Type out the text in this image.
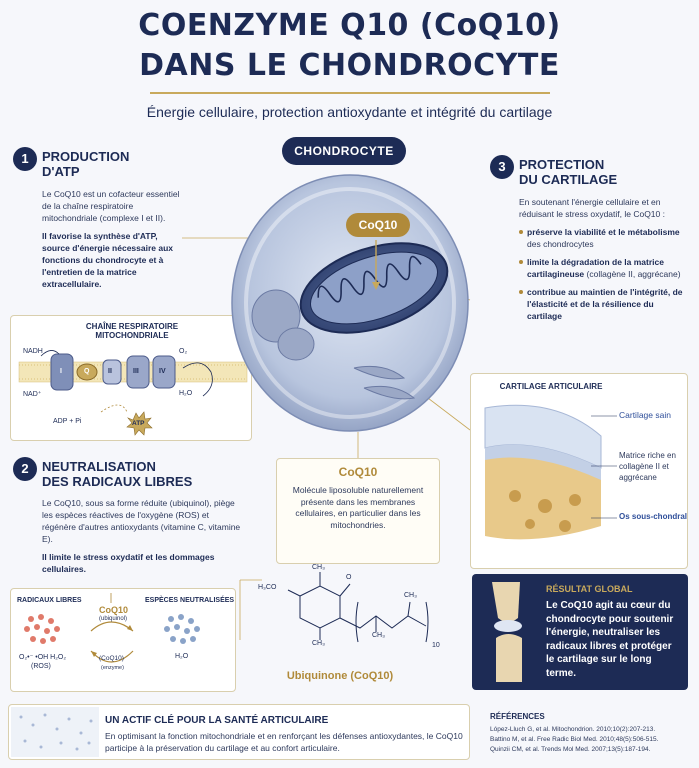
COENZYME Q10 (CoQ10)
DANS LE CHONDROCYTE
Énergie cellulaire, protection antioxydante et intégrité du cartilage
CHONDROCYTE
1	PRODUCTION
D'ATP
Le CoQ10 est un cofacteur essentiel de la chaîne respiratoire mitochondriale (complexe I et II).
Il favorise la synthèse d'ATP, source d'énergie nécessaire aux fonctions du chondrocyte et à l'entretien de la matrice extracellulaire.
CHAÎNE RESPIRATOIRE
MITOCHONDRIALE
NADH
NAD⁺
O₂
H₂O
I	Q	II	III	IV
ADP + Pi	ATP
2	NEUTRALISATION
DES RADICAUX LIBRES
Le CoQ10, sous sa forme réduite (ubiquinol), piège les espèces réactives de l'oxygène (ROS) et régénère d'autres antioxydants (vitamine C, vitamine E).
Il limite le stress oxydatif et les dommages cellulaires.
RADICAUX LIBRES	ESPÈCES NEUTRALISÉES
CoQ10
(ubiquinol)
(CoQ10)
(enzyme)
O₂•⁻ •OH H₂O₂
(ROS)
H₂O
CoQ10
CoQ10
Molécule liposoluble naturellement présente dans les membranes cellulaires, en particulier dans les mitochondries.
H₃CO
CH₃
O
CH₃
CH₃
CH₃
10
Ubiquinone (CoQ10)
3	PROTECTION
DU CARTILAGE
En soutenant l'énergie cellulaire et en réduisant le stress oxydatif, le CoQ10 :
préserve la viabilité et le métabolisme des chondrocytes
limite la dégradation de la matrice cartilagineuse (collagène II, aggrécane)
contribue au maintien de l'intégrité, de l'élasticité et de la résilience du cartilage
CARTILAGE ARTICULAIRE
Cartilage sain
Matrice riche en collagène II et aggrécane
Os sous-chondral
RÉSULTAT GLOBAL
Le CoQ10 agit au cœur du chondrocyte pour soutenir l'énergie, neutraliser les radicaux libres et protéger le cartilage sur le long terme.
UN ACTIF CLÉ POUR LA SANTÉ ARTICULAIRE
En optimisant la fonction mitochondriale et en renforçant les défenses antioxydantes, le CoQ10 participe à la préservation du cartilage et au confort articulaire.
RÉFÉRENCES
López-Lluch G, et al. Mitochondrion. 2010;10(2):207-213.
Battino M, et al. Free Radic Biol Med. 2010;48(5):506-515.
Quinzii CM, et al. Trends Mol Med. 2007;13(5):187-194.
